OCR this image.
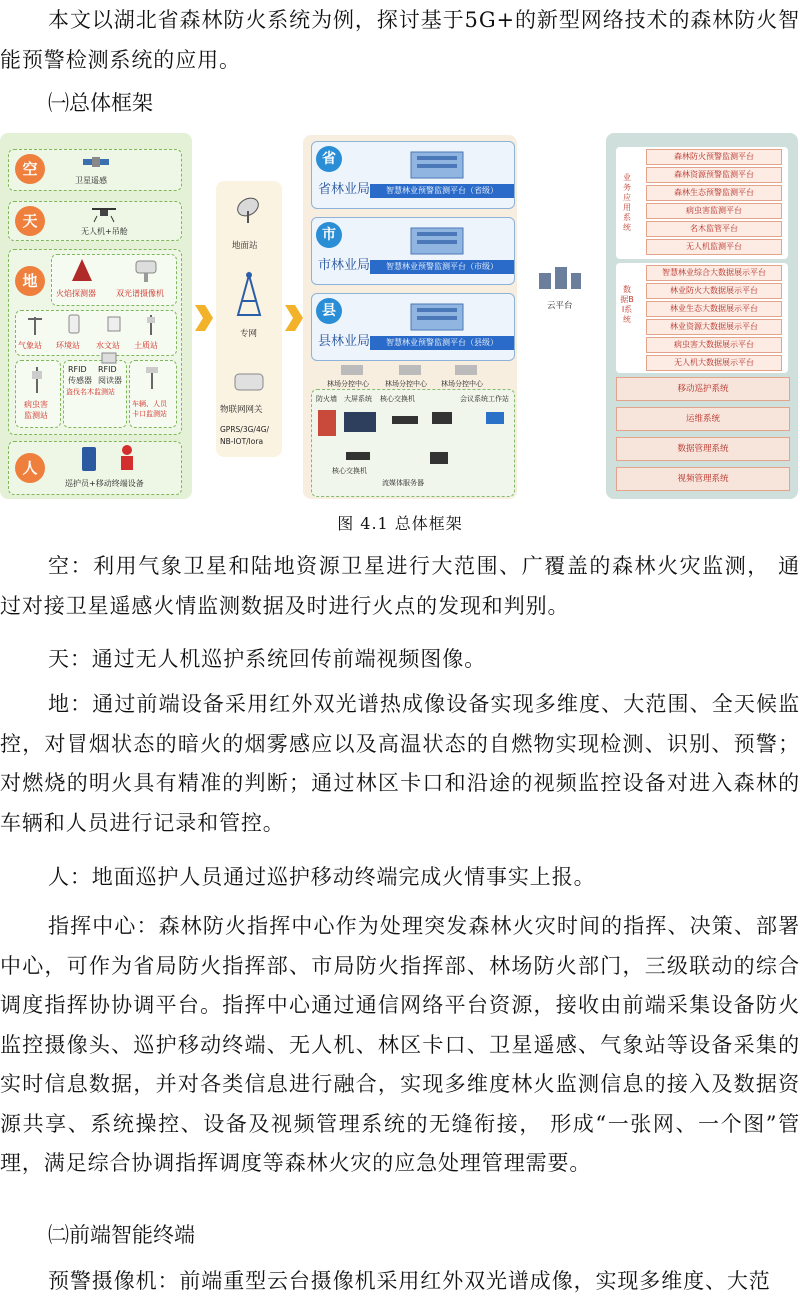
本文以湖北省森林防火系统为例，探讨基于5G+的新型网络技术的森林防火智能预警检测系统的应用。

㈠总体框架
空
卫星遥感
天
无人机+吊舱
地
火焰探测器	双光谱摄像机
气象站 环境站 水文站 土质站
病虫害
监测站
RFID
传感器
RFID
阅读器
盗伐名木监测站
车辆、人员
卡口监测站
人
巡护员+移动终端设备
地面站
专网
物联网网关
GPRS/3G/4G/
NB-IOT/lora
省
省林业局	智慧林业预警监测平台（省级）
市
市林业局	智慧林业预警监测平台（市级）
县
县林业局	智慧林业预警监测平台（县级）
林场分控中心 林场分控中心 林场分控中心
防火墙 大屏系统 核心交换机	会议系统 工作站
核心交换机
流媒体服务器
云平台
业务应用系统
森林防火预警监测平台
森林资源预警监测平台
森林生态预警监测平台
病虫害监测平台
名木监管平台
无人机监测平台
数据BI系统
智慧林业综合大数据展示平台
林业防火大数据展示平台
林业生态大数据展示平台
林业资源大数据展示平台
病虫害大数据展示平台
无人机大数据展示平台
移动巡护系统
运维系统
数据管理系统
视频管理系统
图 4.1 总体框架

空：利用气象卫星和陆地资源卫星进行大范围、广覆盖的森林火灾监测， 通过对接卫星遥感火情监测数据及时进行火点的发现和判别。

天：通过无人机巡护系统回传前端视频图像。

地：通过前端设备采用红外双光谱热成像设备实现多维度、大范围、全天候监控，对冒烟状态的暗火的烟雾感应以及高温状态的自燃物实现检测、识别、预警；对燃烧的明火具有精准的判断；通过林区卡口和沿途的视频监控设备对进入森林的车辆和人员进行记录和管控。

人：地面巡护人员通过巡护移动终端完成火情事实上报。

指挥中心：森林防火指挥中心作为处理突发森林火灾时间的指挥、决策、部署中心，可作为省局防火指挥部、市局防火指挥部、林场防火部门，三级联动的综合调度指挥协协调平台。指挥中心通过通信网络平台资源，接收由前端采集设备防火监控摄像头、巡护移动终端、无人机、林区卡口、卫星遥感、气象站等设备采集的实时信息数据，并对各类信息进行融合，实现多维度林火监测信息的接入及数据资源共享、系统操控、设备及视频管理系统的无缝衔接， 形成“一张网、一个图”管理，满足综合协调指挥调度等森林火灾的应急处理管理需要。

㈡前端智能终端

预警摄像机：前端重型云台摄像机采用红外双光谱成像，实现多维度、大范
